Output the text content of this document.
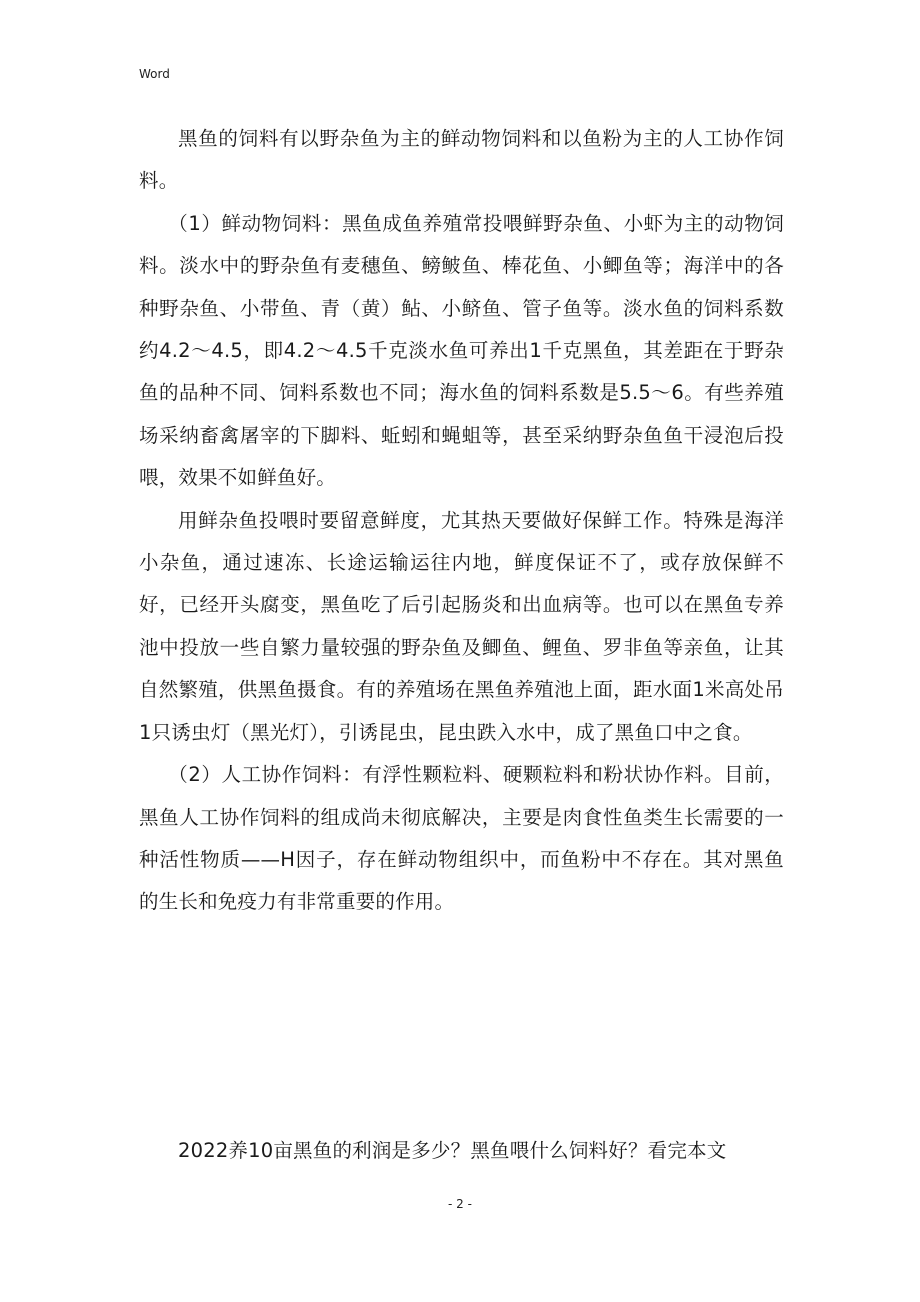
Word

黑鱼的饲料有以野杂鱼为主的鲜动物饲料和以鱼粉为主的人工协作饲料。

（1）鲜动物饲料：黑鱼成鱼养殖常投喂鲜野杂鱼、小虾为主的动物饲料。淡水中的野杂鱼有麦穗鱼、鳑鲏鱼、棒花鱼、小鲫鱼等；海洋中的各种野杂鱼、小带鱼、青（黄）鲇、小鲚鱼、管子鱼等。淡水鱼的饲料系数约4.2～4.5，即4.2～4.5千克淡水鱼可养出1千克黑鱼，其差距在于野杂鱼的品种不同、饲料系数也不同；海水鱼的饲料系数是5.5～6。有些养殖场采纳畜禽屠宰的下脚料、蚯蚓和蝇蛆等，甚至采纳野杂鱼鱼干浸泡后投喂，效果不如鲜鱼好。

用鲜杂鱼投喂时要留意鲜度，尤其热天要做好保鲜工作。特殊是海洋小杂鱼，通过速冻、长途运输运往内地，鲜度保证不了，或存放保鲜不好，已经开头腐变，黑鱼吃了后引起肠炎和出血病等。也可以在黑鱼专养池中投放一些自繁力量较强的野杂鱼及鲫鱼、鲤鱼、罗非鱼等亲鱼，让其自然繁殖，供黑鱼摄食。有的养殖场在黑鱼养殖池上面，距水面1米高处吊1只诱虫灯（黑光灯），引诱昆虫，昆虫跌入水中，成了黑鱼口中之食。

（2）人工协作饲料：有浮性颗粒料、硬颗粒料和粉状协作料。目前，黑鱼人工协作饲料的组成尚未彻底解决，主要是肉食性鱼类生长需要的一种活性物质——H因子，存在鲜动物组织中，而鱼粉中不存在。其对黑鱼的生长和免疫力有非常重要的作用。

2022养10亩黑鱼的利润是多少？黑鱼喂什么饲料好？看完本文

- 2 -
